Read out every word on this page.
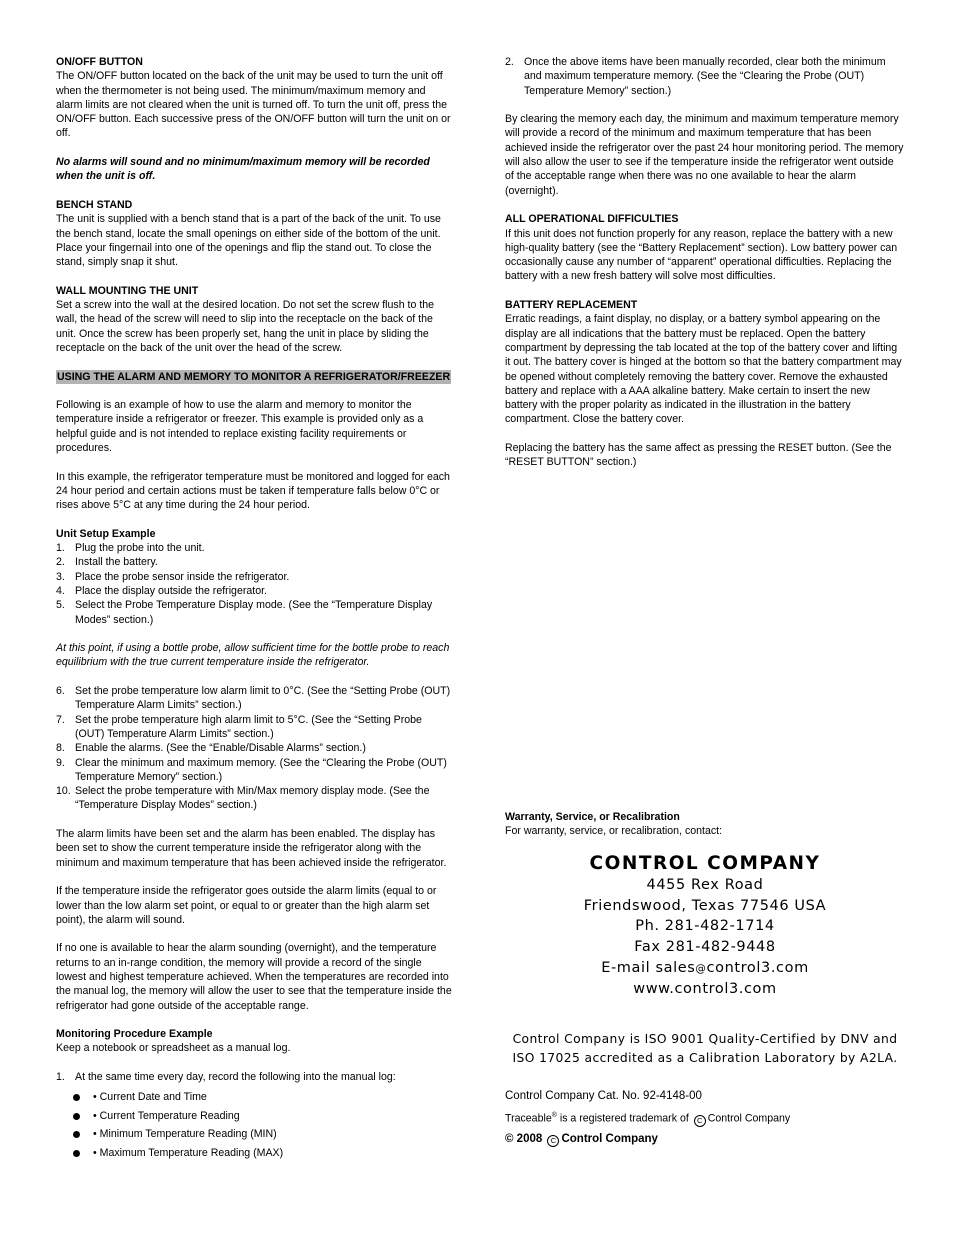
ON/OFF BUTTON

The ON/OFF button located on the back of the unit may be used to turn the unit off when the thermometer is not being used. The minimum/maximum memory and alarm limits are not cleared when the unit is turned off. To turn the unit off, press the ON/OFF button. Each successive press of the ON/OFF button will turn the unit on or off.

No alarms will sound and no minimum/maximum memory will be recorded when the unit is off.

BENCH STAND

The unit is supplied with a bench stand that is a part of the back of the unit. To use the bench stand, locate the small openings on either side of the bottom of the unit. Place your fingernail into one of the openings and flip the stand out. To close the stand, simply snap it shut.

WALL MOUNTING THE UNIT

Set a screw into the wall at the desired location. Do not set the screw flush to the wall, the head of the screw will need to slip into the receptacle on the back of the unit. Once the screw has been properly set, hang the unit in place by sliding the receptacle on the back of the unit over the head of the screw.

USING THE ALARM AND MEMORY TO MONITOR A REFRIGERATOR/FREEZER

Following is an example of how to use the alarm and memory to monitor the temperature inside a refrigerator or freezer. This example is provided only as a helpful guide and is not intended to replace existing facility requirements or procedures.

In this example, the refrigerator temperature must be monitored and logged for each 24 hour period and certain actions must be taken if temperature falls below 0°C or rises above 5°C at any time during the 24 hour period.

Unit Setup Example
1. Plug the probe into the unit.
2. Install the battery.
3. Place the probe sensor inside the refrigerator.
4. Place the display outside the refrigerator.
5. Select the Probe Temperature Display mode. (See the “Temperature Display Modes” section.)

At this point, if using a bottle probe, allow sufficient time for the bottle probe to reach equilibrium with the true current temperature inside the refrigerator.

6. Set the probe temperature low alarm limit to 0°C. (See the “Setting Probe (OUT) Temperature Alarm Limits” section.)
7. Set the probe temperature high alarm limit to 5°C. (See the “Setting Probe (OUT) Temperature Alarm Limits” section.)
8. Enable the alarms. (See the “Enable/Disable Alarms” section.)
9. Clear the minimum and maximum memory. (See the “Clearing the Probe (OUT) Temperature Memory” section.)
10. Select the probe temperature with Min/Max memory display mode. (See the “Temperature Display Modes” section.)

The alarm limits have been set and the alarm has been enabled. The display has been set to show the current temperature inside the refrigerator along with the minimum and maximum temperature that has been achieved inside the refrigerator.

If the temperature inside the refrigerator goes outside the alarm limits (equal to or lower than the low alarm set point, or equal to or greater than the high alarm set point), the alarm will sound.

If no one is available to hear the alarm sounding (overnight), and the temperature returns to an in-range condition, the memory will provide a record of the single lowest and highest temperature achieved. When the temperatures are recorded into the manual log, the memory will allow the user to see that the temperature inside the refrigerator had gone outside of the acceptable range.

Monitoring Procedure Example

Keep a notebook or spreadsheet as a manual log.

1. At the same time every day, record the following into the manual log:
• Current Date and Time
• Current Temperature Reading
• Minimum Temperature Reading (MIN)
• Maximum Temperature Reading (MAX)
2. Once the above items have been manually recorded, clear both the minimum and maximum temperature memory. (See the “Clearing the Probe (OUT) Temperature Memory” section.)

By clearing the memory each day, the minimum and maximum temperature memory will provide a record of the minimum and maximum temperature that has been achieved inside the refrigerator over the past 24 hour monitoring period. The memory will also allow the user to see if the temperature inside the refrigerator went outside of the acceptable range when there was no one available to hear the alarm (overnight).

ALL OPERATIONAL DIFFICULTIES

If this unit does not function properly for any reason, replace the battery with a new high-quality battery (see the “Battery Replacement” section). Low battery power can occasionally cause any number of “apparent” operational difficulties. Replacing the battery with a new fresh battery will solve most difficulties.

BATTERY REPLACEMENT

Erratic readings, a faint display, no display, or a battery symbol appearing on the display are all indications that the battery must be replaced. Open the battery compartment by depressing the tab located at the top of the battery cover and lifting it out. The battery cover is hinged at the bottom so that the battery compartment may be opened without completely removing the battery cover. Remove the exhausted battery and replace with a AAA alkaline battery. Make certain to insert the new battery with the proper polarity as indicated in the illustration in the battery compartment. Close the battery cover.

Replacing the battery has the same affect as pressing the RESET button. (See the “RESET BUTTON” section.)

Warranty, Service, or Recalibration

For warranty, service, or recalibration, contact:

CONTROL COMPANY
4455 Rex Road
Friendswood, Texas 77546 USA
Ph. 281-482-1714
Fax 281-482-9448
E-mail sales@control3.com
www.control3.com
Control Company is ISO 9001 Quality-Certified by DNV and ISO 17025 accredited as a Calibration Laboratory by A2LA.
Control Company Cat. No. 92-4148-00
Traceable® is a registered trademark of C Control Company
© 2008 C Control Company
